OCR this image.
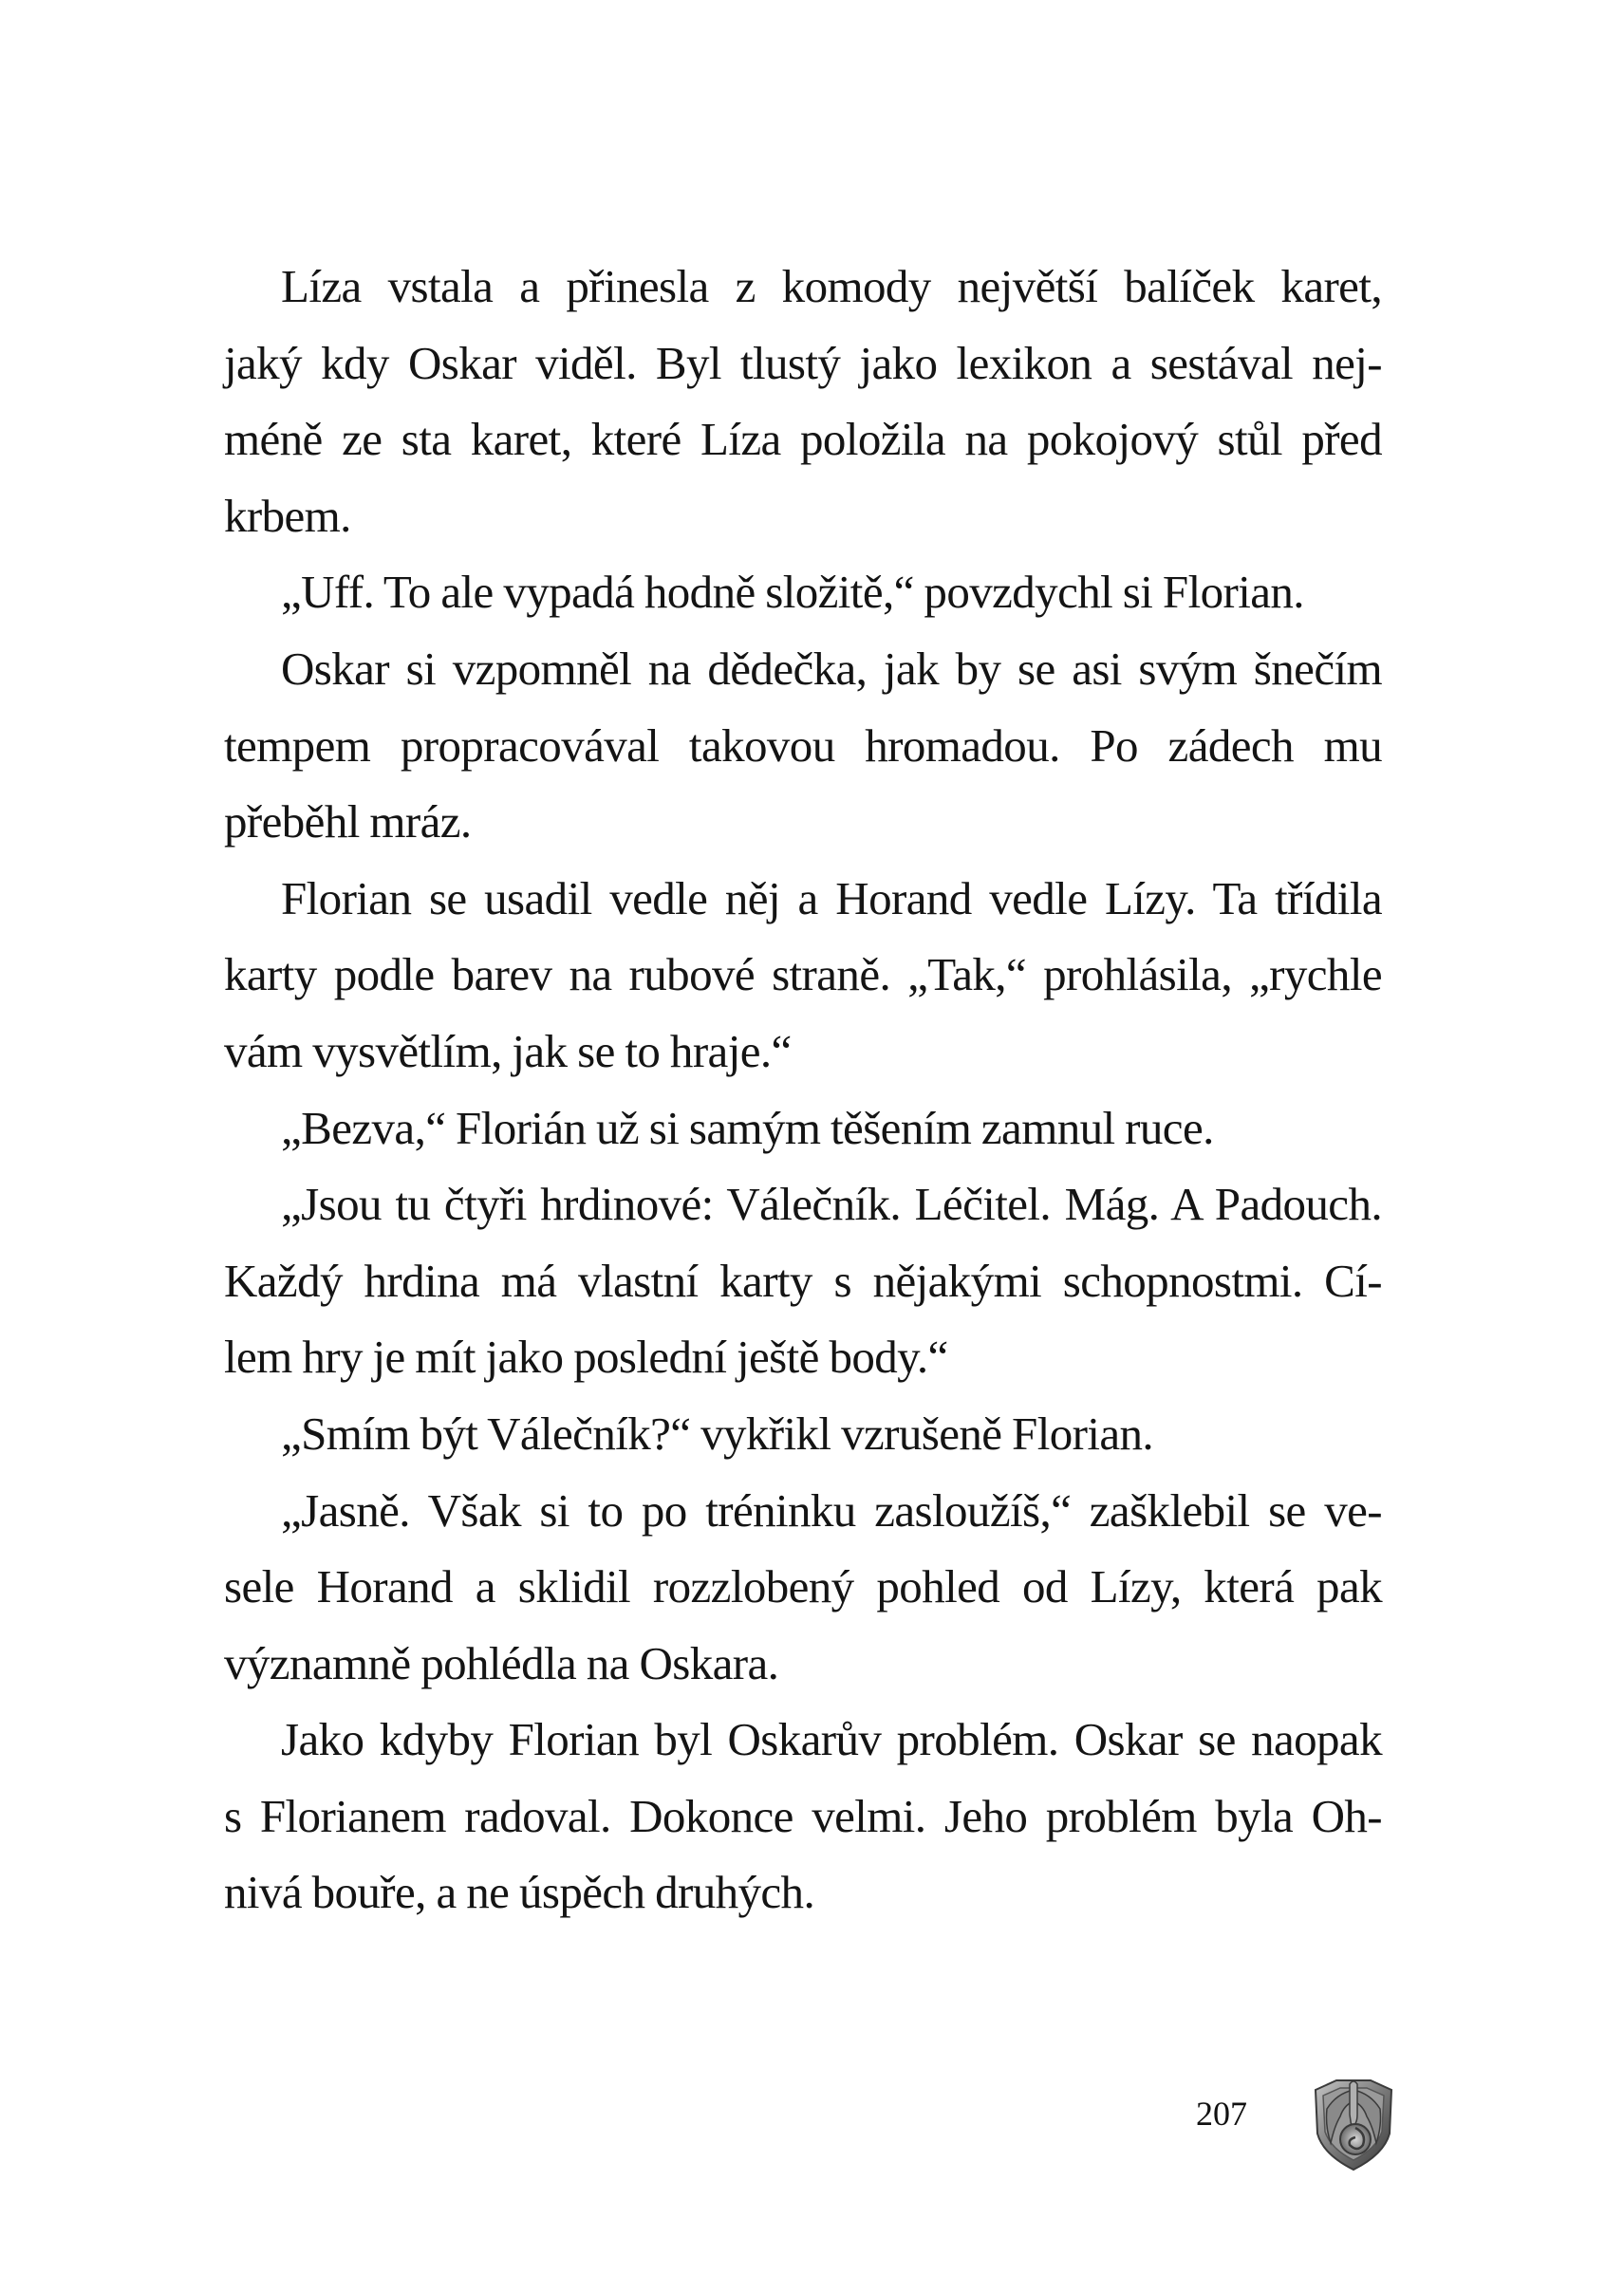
Líza vstala a přinesla z komody největší balíček karet,
jaký kdy Oskar viděl. Byl tlustý jako lexikon a sestával nej-
méně ze sta karet, které Líza položila na pokojový stůl před
krbem.
„Uff. To ale vypadá hodně složitě,“ povzdychl si Florian.
Oskar si vzpomněl na dědečka, jak by se asi svým šnečím
tempem propracovával takovou hromadou. Po zádech mu
přeběhl mráz.
Florian se usadil vedle něj a Horand vedle Lízy. Ta třídila
karty podle barev na rubové straně. „Tak,“ prohlásila, „rychle
vám vysvětlím, jak se to hraje.“
„Bezva,“ Florián už si samým těšením zamnul ruce.
„Jsou tu čtyři hrdinové: Válečník. Léčitel. Mág. A Padouch.
Každý hrdina má vlastní karty s nějakými schopnostmi. Cí-
lem hry je mít jako poslední ještě body.“
„Smím být Válečník?“ vykřikl vzrušeně Florian.
„Jasně. Však si to po tréninku zasloužíš,“ zašklebil se ve-
sele Horand a sklidil rozzlobený pohled od Lízy, která pak
významně pohlédla na Oskara.
Jako kdyby Florian byl Oskarův problém. Oskar se naopak
s Florianem radoval. Dokonce velmi. Jeho problém byla Oh-
nivá bouře, a ne úspěch druhých.
207
